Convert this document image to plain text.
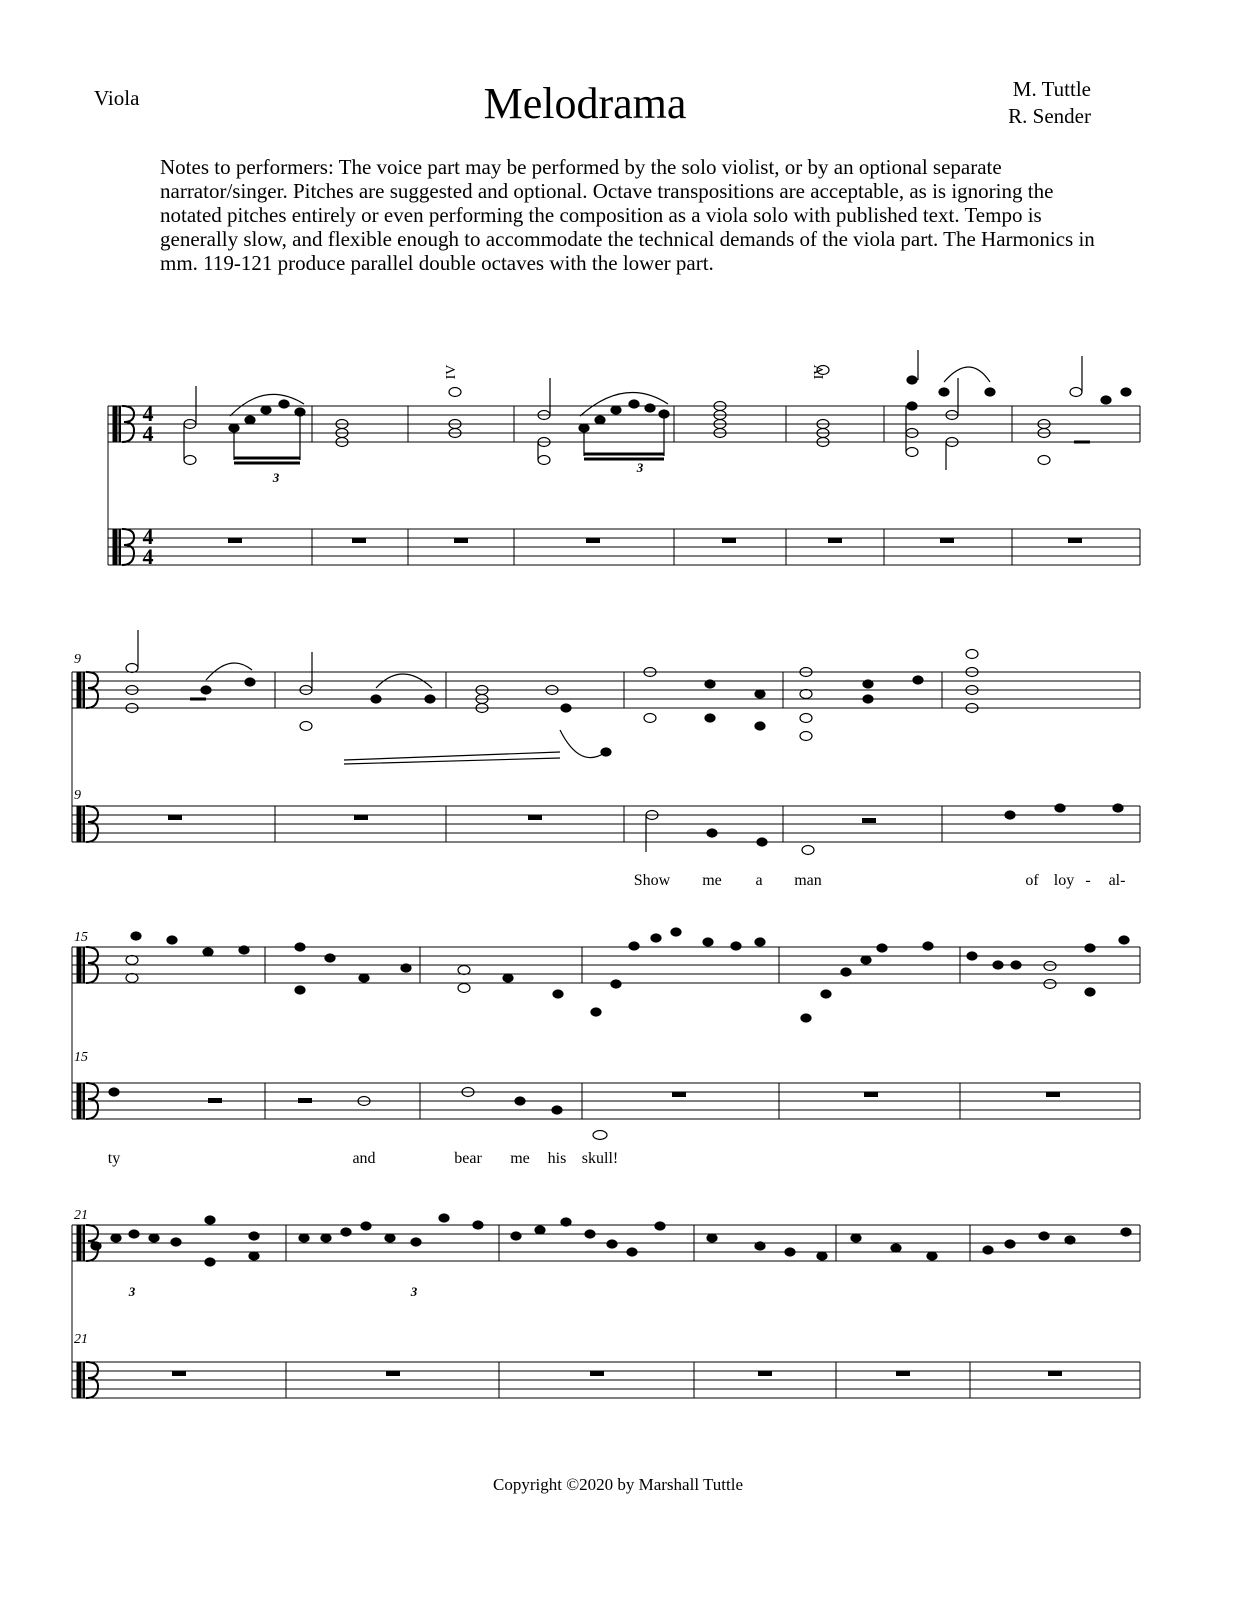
Viola	Melodrama	M. Tuttle
R. Sender
Notes to performers: The voice part may be performed by the solo violist, or by an optional separate narrator/singer. Pitches are suggested and optional. Octave transpositions are acceptable, as is ignoring the notated pitches entirely or even performing the composition as a viola solo with published text. Tempo is generally slow, and flexible enough to accommodate the technical demands of the viola part. The Harmonics in mm. 119-121 produce parallel double octaves with the lower part.
9
9
15
15
21
21
Show	me	a	man	of loy -	al-
ty	and	bear	me	his skull!
Copyright ©2020 by Marshall Tuttle
4
4
4
4
IV	IV
3
3
3	3
